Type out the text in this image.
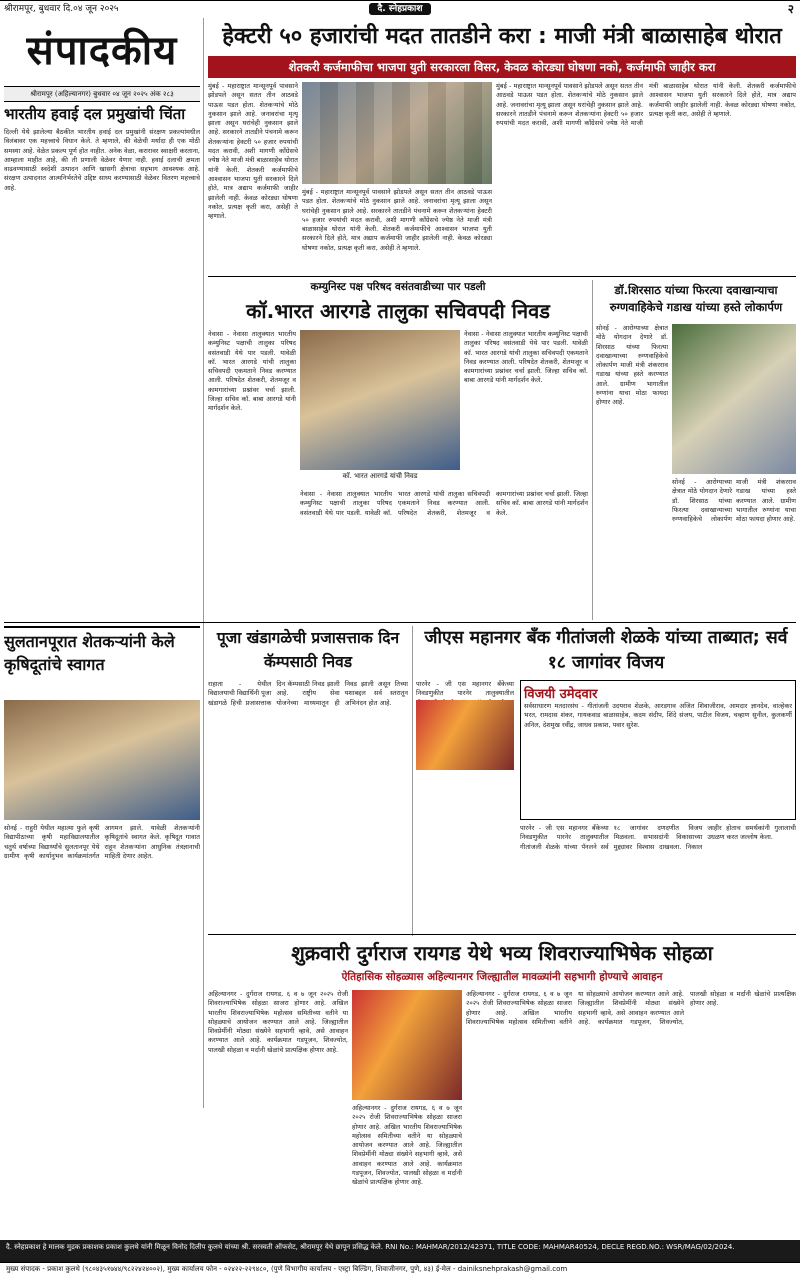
श्रीरामपूर, बुधवार दि.०४ जून २०२५	दै. स्नेहप्रकाश	२
संपादकीय
श्रीरामपूर (अहिल्यानगर) बुधवार ०४ जून २०२५ अंक २८३
भारतीय हवाई दल प्रमुखांची चिंता
दिल्ली येथे झालेल्या बैठकीत भारतीय हवाई दल प्रमुखांनी संरक्षण प्रकल्पांमधील विलंबावर एक महत्त्वाचे विधान केले. ते म्हणाले, की वेळेची मर्यादा ही एक मोठी समस्या आहे. वेळेत प्रकल्प पूर्ण होत नाहीत. अनेक वेळा, करारावर स्वाक्षरी करताना, आम्हाला माहीत आहे, की ती प्रणाली वेळेवर येणार नाही. हवाई दलाची क्षमता वाढवण्यासाठी स्वदेशी उत्पादन आणि खासगी क्षेत्राचा सहभाग आवश्यक आहे. संरक्षण उत्पादनात आत्मनिर्भरतेचे उद्दिष्ट साध्य करण्यासाठी वेळेवर वितरण महत्त्वाचे आहे.
हेक्टरी ५० हजारांची मदत तातडीने करा : माजी मंत्री बाळासाहेब थोरात
शेतकरी कर्जमाफीचा भाजपा युती सरकारला विसर, केवळ कोरड्या घोषणा नको, कर्जमाफी जाहीर करा
मुंबई - महाराष्ट्रात मान्सूनपूर्व पावसाने झोडपले असून सतत तीन आठवडे पाऊस पडत होता. शेतकऱ्यांचे मोठे नुकसान झाले आहे. जनावरांचा मृत्यू झाला असून घरांचेही नुकसान झाले आहे. सरकारने तातडीने पंचनामे करून शेतकऱ्यांना हेक्टरी ५० हजार रुपयांची मदत करावी, अशी मागणी काँग्रेसचे ज्येष्ठ नेते माजी मंत्री बाळासाहेब थोरात यांनी केली. शेतकरी कर्जमाफीचे आश्वासन भाजपा युती सरकारने दिले होते, मात्र अद्याप कर्जमाफी जाहीर झालेली नाही. केवळ कोरड्या घोषणा नकोत, प्रत्यक्ष कृती करा, असेही ते म्हणाले.
मुंबई - महाराष्ट्रात मान्सूनपूर्व पावसाने झोडपले असून सतत तीन आठवडे पाऊस पडत होता. शेतकऱ्यांचे मोठे नुकसान झाले आहे. जनावरांचा मृत्यू झाला असून घरांचेही नुकसान झाले आहे. सरकारने तातडीने पंचनामे करून शेतकऱ्यांना हेक्टरी ५० हजार रुपयांची मदत करावी, अशी मागणी काँग्रेसचे ज्येष्ठ नेते माजी मंत्री बाळासाहेब थोरात यांनी केली. शेतकरी कर्जमाफीचे आश्वासन भाजपा युती सरकारने दिले होते, मात्र अद्याप कर्जमाफी जाहीर झालेली नाही. केवळ कोरड्या घोषणा नकोत, प्रत्यक्ष कृती करा, असेही ते म्हणाले.
मुंबई - महाराष्ट्रात मान्सूनपूर्व पावसाने झोडपले असून सतत तीन आठवडे पाऊस पडत होता. शेतकऱ्यांचे मोठे नुकसान झाले आहे. जनावरांचा मृत्यू झाला असून घरांचेही नुकसान झाले आहे. सरकारने तातडीने पंचनामे करून शेतकऱ्यांना हेक्टरी ५० हजार रुपयांची मदत करावी, अशी मागणी काँग्रेसचे ज्येष्ठ नेते माजी मंत्री बाळासाहेब थोरात यांनी केली. शेतकरी कर्जमाफीचे आश्वासन भाजपा युती सरकारने दिले होते, मात्र अद्याप कर्जमाफी जाहीर झालेली नाही. केवळ कोरड्या घोषणा नकोत, प्रत्यक्ष कृती करा, असेही ते म्हणाले.
कम्युनिस्ट पक्ष परिषद वसंतवाडीच्या पार पडली
कॉ.भारत आरगडे तालुका सचिवपदी निवड
नेवासा - नेवासा तालुक्यात भारतीय कम्युनिस्ट पक्षाची तालुका परिषद वसंतवाडी येथे पार पडली. यावेळी कॉ. भारत आरगडे यांची तालुका सचिवपदी एकमताने निवड करण्यात आली. परिषदेत शेतकरी, शेतमजूर व कामगारांच्या प्रश्नांवर चर्चा झाली. जिल्हा सचिव कॉ. बाबा आरगडे यांनी मार्गदर्शन केले.
कॉ. भारत आरगडे यांची निवड
नेवासा - नेवासा तालुक्यात भारतीय कम्युनिस्ट पक्षाची तालुका परिषद वसंतवाडी येथे पार पडली. यावेळी कॉ. भारत आरगडे यांची तालुका सचिवपदी एकमताने निवड करण्यात आली. परिषदेत शेतकरी, शेतमजूर व कामगारांच्या प्रश्नांवर चर्चा झाली. जिल्हा सचिव कॉ. बाबा आरगडे यांनी मार्गदर्शन केले.
नेवासा - नेवासा तालुक्यात भारतीय कम्युनिस्ट पक्षाची तालुका परिषद वसंतवाडी येथे पार पडली. यावेळी कॉ. भारत आरगडे यांची तालुका सचिवपदी एकमताने निवड करण्यात आली. परिषदेत शेतकरी, शेतमजूर व कामगारांच्या प्रश्नांवर चर्चा झाली. जिल्हा सचिव कॉ. बाबा आरगडे यांनी मार्गदर्शन केले.
डॉ.शिरसाठ यांच्या फिरत्या दवाखान्याचा रुग्णवाहिकेचे गडाख यांच्या हस्ते लोकार्पण
सोनई - आरोग्याच्या क्षेत्रात मोठे योगदान देणारे डॉ. शिरसाठ यांच्या फिरत्या दवाखान्याच्या रुग्णवाहिकेचे लोकार्पण माजी मंत्री शंकरराव गडाख यांच्या हस्ते करण्यात आले. ग्रामीण भागातील रुग्णांना याचा मोठा फायदा होणार आहे.
सोनई - आरोग्याच्या क्षेत्रात मोठे योगदान देणारे डॉ. शिरसाठ यांच्या फिरत्या दवाखान्याच्या रुग्णवाहिकेचे लोकार्पण माजी मंत्री शंकरराव गडाख यांच्या हस्ते करण्यात आले. ग्रामीण भागातील रुग्णांना याचा मोठा फायदा होणार आहे.
पूजा खंडागळेची प्रजासत्ताक दिन कॅम्पसाठी निवड
राहाता - येथील विद्यालयाची विद्यार्थिनी पूजा खंडागळे हिची प्रजासत्ताक दिन कॅम्पसाठी निवड झाली आहे. राष्ट्रीय सेवा योजनेच्या माध्यमातून ही निवड झाली असून तिच्या यशाबद्दल सर्व स्तरातून अभिनंदन होत आहे.
जीएस महानगर बँक गीतांजली शेळके यांच्या ताब्यात; सर्व १८ जागांवर विजय
पारनेर - जी एस महानगर बँकेच्या निवडणुकीत पारनेर तालुक्यातील विजयी उमेदवार
सर्वसाधारण मतदारसंघ - गीतांजली उदयराव शेळके, आरडगाव अजित शिवाजीराव, आमदार ज्ञानदेव, वाल्हेकर भरत, रामदास शंकर, गायकवाड बाळासाहेब, कदम संदीप, शिंदे संजय, पाटील विजय, चव्हाण सुनील, कुलकर्णी अनिल, देशमुख रवींद्र, जाधव प्रकाश, पवार सुरेश.
पारनेर - जी एस महानगर बँकेच्या निवडणुकीत पारनेर तालुक्यातील गीतांजली शेळके यांच्या पॅनलने सर्व १८ जागांवर दणदणीत विजय मिळवला. सभासदांनी विकासाच्या मुद्द्यावर विश्वास दाखवला. निकाल जाहीर होताच समर्थकांनी गुलालाची उधळण करत जल्लोष केला.
सुलतानपूरात शेतकऱ्यांनी केले कृषिदूतांचे स्वागत
सोनई - राहुरी येथील महात्मा फुले कृषी विद्यापीठाच्या कृषी महाविद्यालयातील चतुर्थ वर्षाच्या विद्यार्थ्यांचे सुलतानपूर येथे ग्रामीण कृषी कार्यानुभव कार्यक्रमांतर्गत आगमन झाले. यावेळी शेतकऱ्यांनी कृषिदूतांचे स्वागत केले. कृषिदूत गावात राहून शेतकऱ्यांना आधुनिक तंत्रज्ञानाची माहिती देणार आहेत.
शुक्रवारी दुर्गराज रायगड येथे भव्य शिवराज्याभिषेक सोहळा
ऐतिहासिक सोहळ्यास अहिल्यानगर जिल्ह्यातील मावळ्यांनी सहभागी होण्याचे आवाहन
अहिल्यानगर - दुर्गराज रायगड, ६ व ७ जून २०२५ रोजी शिवराज्याभिषेक सोहळा साजरा होणार आहे. अखिल भारतीय शिवराज्याभिषेक महोत्सव समितीच्या वतीने या सोहळ्याचे आयोजन करण्यात आले आहे. जिल्ह्यातील शिवप्रेमींनी मोठ्या संख्येने सहभागी व्हावे, असे आवाहन करण्यात आले आहे. कार्यक्रमात गडपूजन, शिवज्योत, पालखी सोहळा व मर्दानी खेळांचे प्रात्यक्षिक होणार आहे.
अहिल्यानगर - दुर्गराज रायगड, ६ व ७ जून २०२५ रोजी शिवराज्याभिषेक सोहळा साजरा होणार आहे. अखिल भारतीय शिवराज्याभिषेक महोत्सव समितीच्या वतीने या सोहळ्याचे आयोजन करण्यात आले आहे. जिल्ह्यातील शिवप्रेमींनी मोठ्या संख्येने सहभागी व्हावे, असे आवाहन करण्यात आले आहे. कार्यक्रमात गडपूजन, शिवज्योत, पालखी सोहळा व मर्दानी खेळांचे प्रात्यक्षिक होणार आहे.
अहिल्यानगर - दुर्गराज रायगड, ६ व ७ जून २०२५ रोजी शिवराज्याभिषेक सोहळा साजरा होणार आहे. अखिल भारतीय शिवराज्याभिषेक महोत्सव समितीच्या वतीने या सोहळ्याचे आयोजन करण्यात आले आहे. जिल्ह्यातील शिवप्रेमींनी मोठ्या संख्येने सहभागी व्हावे, असे आवाहन करण्यात आले आहे. कार्यक्रमात गडपूजन, शिवज्योत, पालखी सोहळा व मर्दानी खेळांचे प्रात्यक्षिक होणार आहे.
दै. स्नेहप्रकाश हे मालक मुद्रक प्रकाशक प्रकाश कुलथे यांनी मिळून विनोद दिलीप कुलथे यांच्या श्री. सरस्वती ऑफसेट, श्रीरामपूर येथे छापून प्रसिद्ध केले. RNI No.: MAHMAR/2012/42371, TITLE CODE: MAHMAR40524, DECLE REGD.NO.: WSR/MAG/02/2024.
मुख्य संपादक - प्रकाश कुलथे (९८०४३५१७४४/९८२२४२४००२), मुख्य कार्यालय फोन - ०२४२२-२२९४८०, (पुणे विभागीय कार्यालय - एस्ट्रा बिल्डिंग, शिवाजीनगर, पुणे, ४३) ई-मेल - dainiksnehprakash@gmail.com
